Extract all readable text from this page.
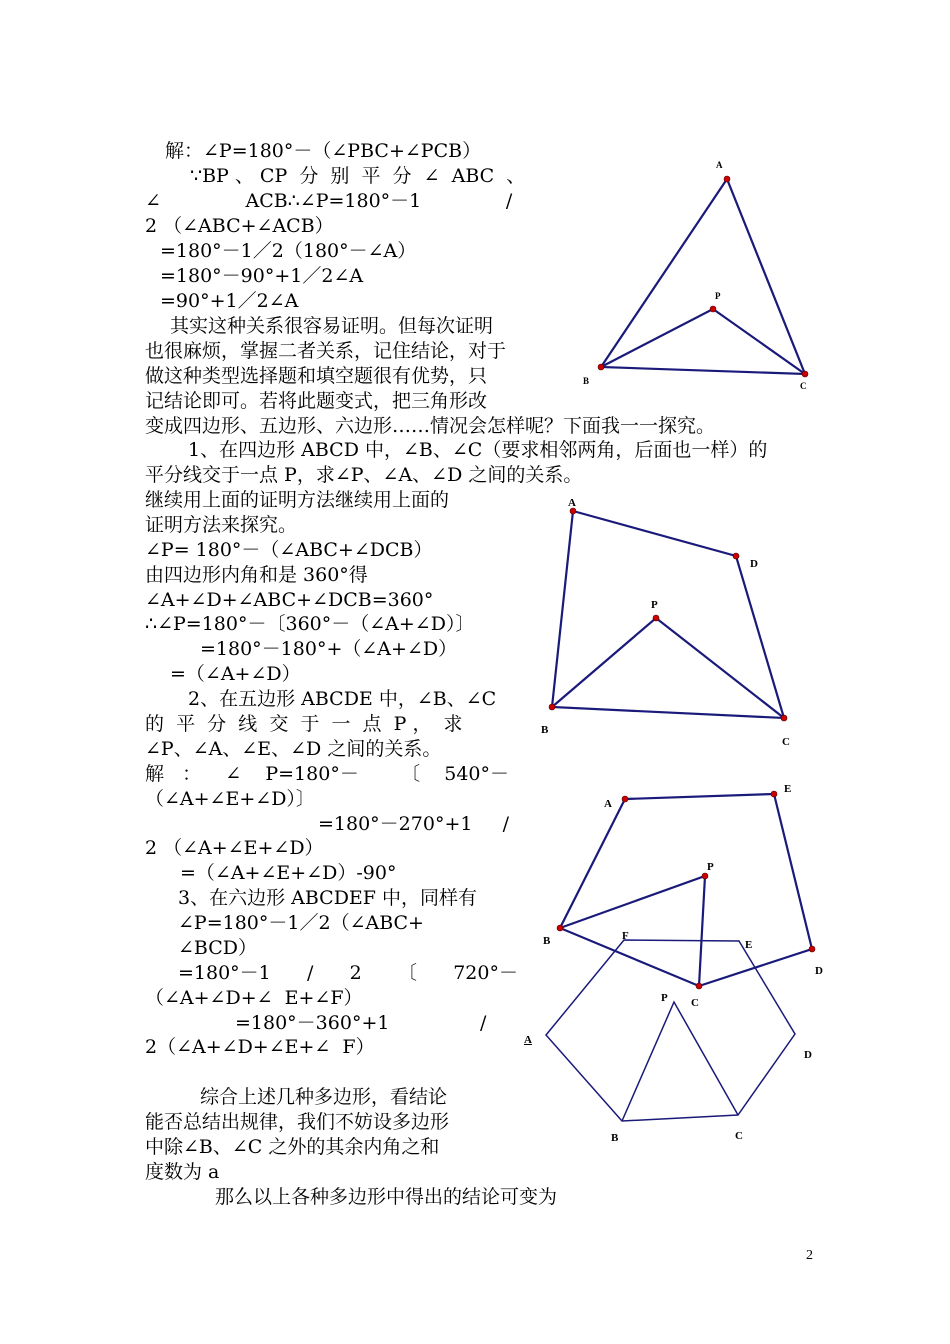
解：∠P=180°－（∠PBC+∠PCB）
∵BP 、 CP  分  别  平  分  ∠  ABC  、
∠              ACB∴∠P=180°－1              /
2 （∠ABC+∠ACB）
=180°－1／2（180°－∠A）
=180°－90°+1／2∠A
=90°+1／2∠A
其实这种关系很容易证明。但每次证明
也很麻烦，掌握二者关系，记住结论，对于
做这种类型选择题和填空题很有优势，只
记结论即可。若将此题变式，把三角形改
变成四边形、五边形、六边形……情况会怎样呢？下面我一一探究。
1、在四边形 ABCD 中，∠B、∠C（要求相邻两角，后面也一样）的
平分线交于一点 P，求∠P、∠A、∠D 之间的关系。
继续用上面的证明方法继续用上面的
证明方法来探究。
∠P= 180°－（∠ABC+∠DCB）
由四边形内角和是 360°得
∠A+∠D+∠ABC+∠DCB=360°
∴∠P=180°－〔360°－（∠A+∠D）〕
=180°－180°+（∠A+∠D）
=（∠A+∠D）
2、在五边形 ABCDE 中，∠B、∠C
的  平  分  线  交  于  一  点  P ，  求
∠P、∠A、∠E、∠D 之间的关系。
解   ：    ∠    P=180°－       〔    540°－
（∠A+∠E+∠D）〕
=180°－270°+1     /
2 （∠A+∠E+∠D）
=（∠A+∠E+∠D）-90°
3、在六边形 ABCDEF 中，同样有
∠P=180°－1／2（∠ABC+
∠BCD）
=180°－1      /      2      〔      720°－
（∠A+∠D+∠  E+∠F）
=180°－360°+1               /
2（∠A+∠D+∠E+∠  F）
综合上述几种多边形，看结论
能否总结出规律，我们不妨设多边形
中除∠B、∠C 之外的其余内角之和
度数为 a
那么以上各种多边形中得出的结论可变为
A
P
B	C
A
D
P
B
C
A
E
P
B
D
C
F
E
P
A
D
B	C
2
